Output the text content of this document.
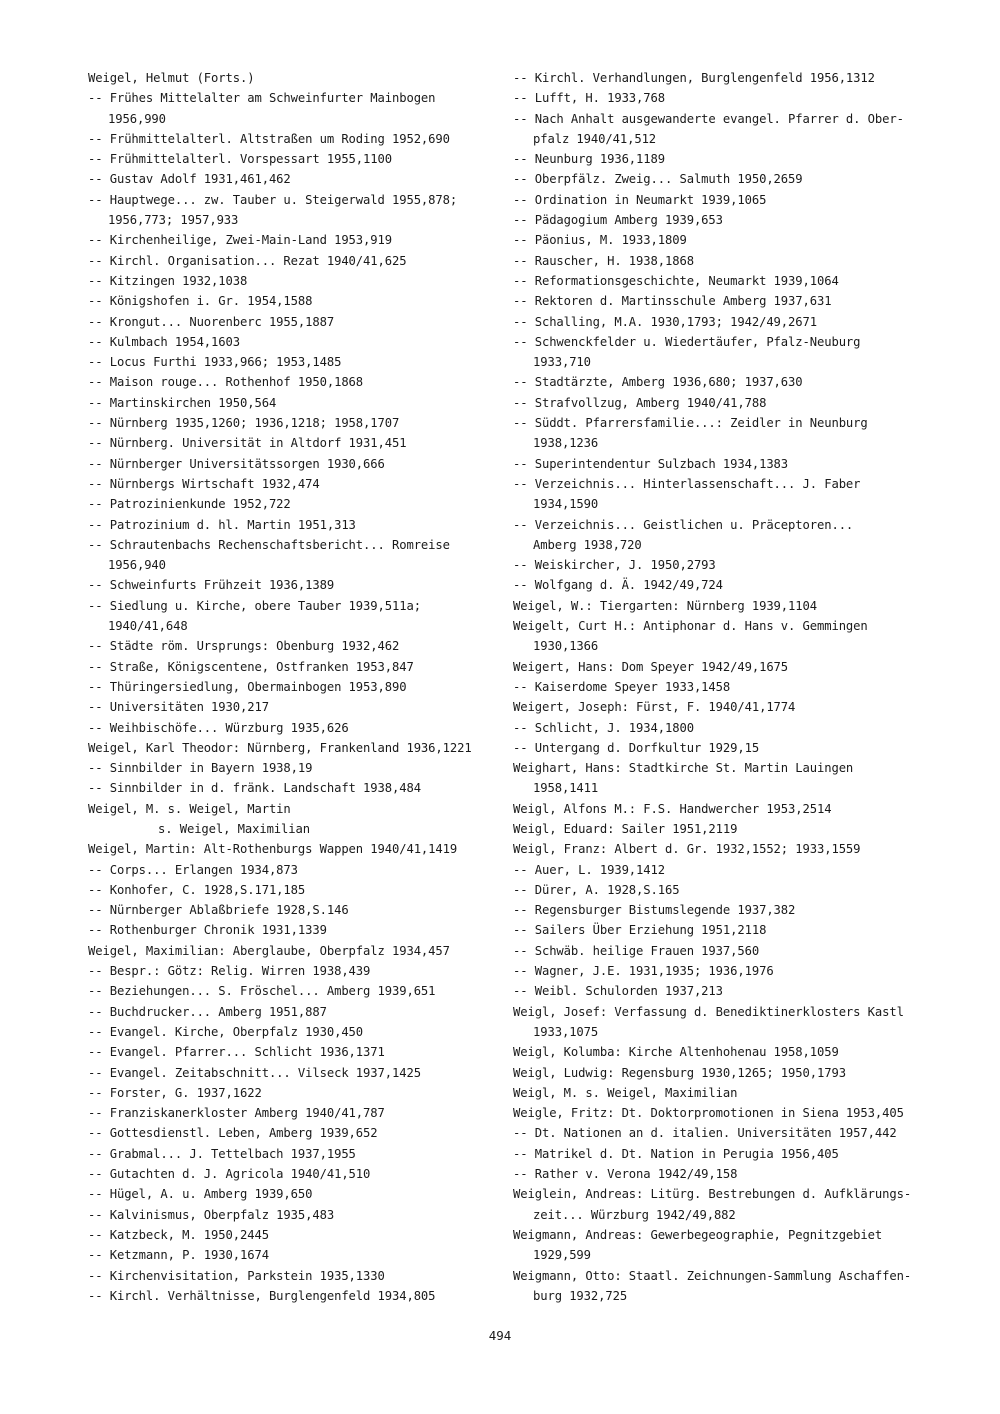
Weigel, Helmut (Forts.)
-- Frühes Mittelalter am Schweinfurter Mainbogen
1956,990
-- Frühmittelalterl. Altstraßen um Roding 1952,690
-- Frühmittelalterl. Vorspessart 1955,1100
-- Gustav Adolf 1931,461,462
-- Hauptwege... zw. Tauber u. Steigerwald 1955,878;
1956,773; 1957,933
-- Kirchenheilige, Zwei-Main-Land 1953,919
-- Kirchl. Organisation... Rezat 1940/41,625
-- Kitzingen 1932,1038
-- Königshofen i. Gr. 1954,1588
-- Krongut... Nuorenberc 1955,1887
-- Kulmbach 1954,1603
-- Locus Furthi 1933,966; 1953,1485
-- Maison rouge... Rothenhof 1950,1868
-- Martinskirchen 1950,564
-- Nürnberg 1935,1260; 1936,1218; 1958,1707
-- Nürnberg. Universität in Altdorf 1931,451
-- Nürnberger Universitätssorgen 1930,666
-- Nürnbergs Wirtschaft 1932,474
-- Patrozinienkunde 1952,722
-- Patrozinium d. hl. Martin 1951,313
-- Schrautenbachs Rechenschaftsbericht... Romreise
1956,940
-- Schweinfurts Frühzeit 1936,1389
-- Siedlung u. Kirche, obere Tauber 1939,511a;
1940/41,648
-- Städte röm. Ursprungs: Obenburg 1932,462
-- Straße, Königscentene, Ostfranken 1953,847
-- Thüringersiedlung, Obermainbogen 1953,890
-- Universitäten 1930,217
-- Weihbischöfe... Würzburg 1935,626
Weigel, Karl Theodor: Nürnberg, Frankenland 1936,1221
-- Sinnbilder in Bayern 1938,19
-- Sinnbilder in d. fränk. Landschaft 1938,484
Weigel, M. s. Weigel, Martin
s. Weigel, Maximilian
Weigel, Martin: Alt-Rothenburgs Wappen 1940/41,1419
-- Corps... Erlangen 1934,873
-- Konhofer, C. 1928,S.171,185
-- Nürnberger Ablaßbriefe 1928,S.146
-- Rothenburger Chronik 1931,1339
Weigel, Maximilian: Aberglaube, Oberpfalz 1934,457
-- Bespr.: Götz: Relig. Wirren 1938,439
-- Beziehungen... S. Fröschel... Amberg 1939,651
-- Buchdrucker... Amberg 1951,887
-- Evangel. Kirche, Oberpfalz 1930,450
-- Evangel. Pfarrer... Schlicht 1936,1371
-- Evangel. Zeitabschnitt... Vilseck 1937,1425
-- Forster, G. 1937,1622
-- Franziskanerkloster Amberg 1940/41,787
-- Gottesdienstl. Leben, Amberg 1939,652
-- Grabmal... J. Tettelbach 1937,1955
-- Gutachten d. J. Agricola 1940/41,510
-- Hügel, A. u. Amberg 1939,650
-- Kalvinismus, Oberpfalz 1935,483
-- Katzbeck, M. 1950,2445
-- Ketzmann, P. 1930,1674
-- Kirchenvisitation, Parkstein 1935,1330
-- Kirchl. Verhältnisse, Burglengenfeld 1934,805
-- Kirchl. Verhandlungen, Burglengenfeld 1956,1312
-- Lufft, H. 1933,768
-- Nach Anhalt ausgewanderte evangel. Pfarrer d. Ober-
pfalz 1940/41,512
-- Neunburg 1936,1189
-- Oberpfälz. Zweig... Salmuth 1950,2659
-- Ordination in Neumarkt 1939,1065
-- Pädagogium Amberg 1939,653
-- Päonius, M. 1933,1809
-- Rauscher, H. 1938,1868
-- Reformationsgeschichte, Neumarkt 1939,1064
-- Rektoren d. Martinsschule Amberg 1937,631
-- Schalling, M.A. 1930,1793; 1942/49,2671
-- Schwenckfelder u. Wiedertäufer, Pfalz-Neuburg
1933,710
-- Stadtärzte, Amberg 1936,680; 1937,630
-- Strafvollzug, Amberg 1940/41,788
-- Süddt. Pfarrersfamilie...: Zeidler in Neunburg
1938,1236
-- Superintendentur Sulzbach 1934,1383
-- Verzeichnis... Hinterlassenschaft... J. Faber
1934,1590
-- Verzeichnis... Geistlichen u. Präceptoren...
Amberg 1938,720
-- Weiskircher, J. 1950,2793
-- Wolfgang d. Ä. 1942/49,724
Weigel, W.: Tiergarten: Nürnberg 1939,1104
Weigelt, Curt H.: Antiphonar d. Hans v. Gemmingen
1930,1366
Weigert, Hans: Dom Speyer 1942/49,1675
-- Kaiserdome Speyer 1933,1458
Weigert, Joseph: Fürst, F. 1940/41,1774
-- Schlicht, J. 1934,1800
-- Untergang d. Dorfkultur 1929,15
Weighart, Hans: Stadtkirche St. Martin Lauingen
1958,1411
Weigl, Alfons M.: F.S. Handwercher 1953,2514
Weigl, Eduard: Sailer 1951,2119
Weigl, Franz: Albert d. Gr. 1932,1552; 1933,1559
-- Auer, L. 1939,1412
-- Dürer, A. 1928,S.165
-- Regensburger Bistumslegende 1937,382
-- Sailers Über Erziehung 1951,2118
-- Schwäb. heilige Frauen 1937,560
-- Wagner, J.E. 1931,1935; 1936,1976
-- Weibl. Schulorden 1937,213
Weigl, Josef: Verfassung d. Benediktinerklosters Kastl
1933,1075
Weigl, Kolumba: Kirche Altenhohenau 1958,1059
Weigl, Ludwig: Regensburg 1930,1265; 1950,1793
Weigl, M. s. Weigel, Maximilian
Weigle, Fritz: Dt. Doktorpromotionen in Siena 1953,405
-- Dt. Nationen an d. italien. Universitäten 1957,442
-- Matrikel d. Dt. Nation in Perugia 1956,405
-- Rather v. Verona 1942/49,158
Weiglein, Andreas: Litürg. Bestrebungen d. Aufklärungs-
zeit... Würzburg 1942/49,882
Weigmann, Andreas: Gewerbegeographie, Pegnitzgebiet
1929,599
Weigmann, Otto: Staatl. Zeichnungen-Sammlung Aschaffen-
burg 1932,725
494
